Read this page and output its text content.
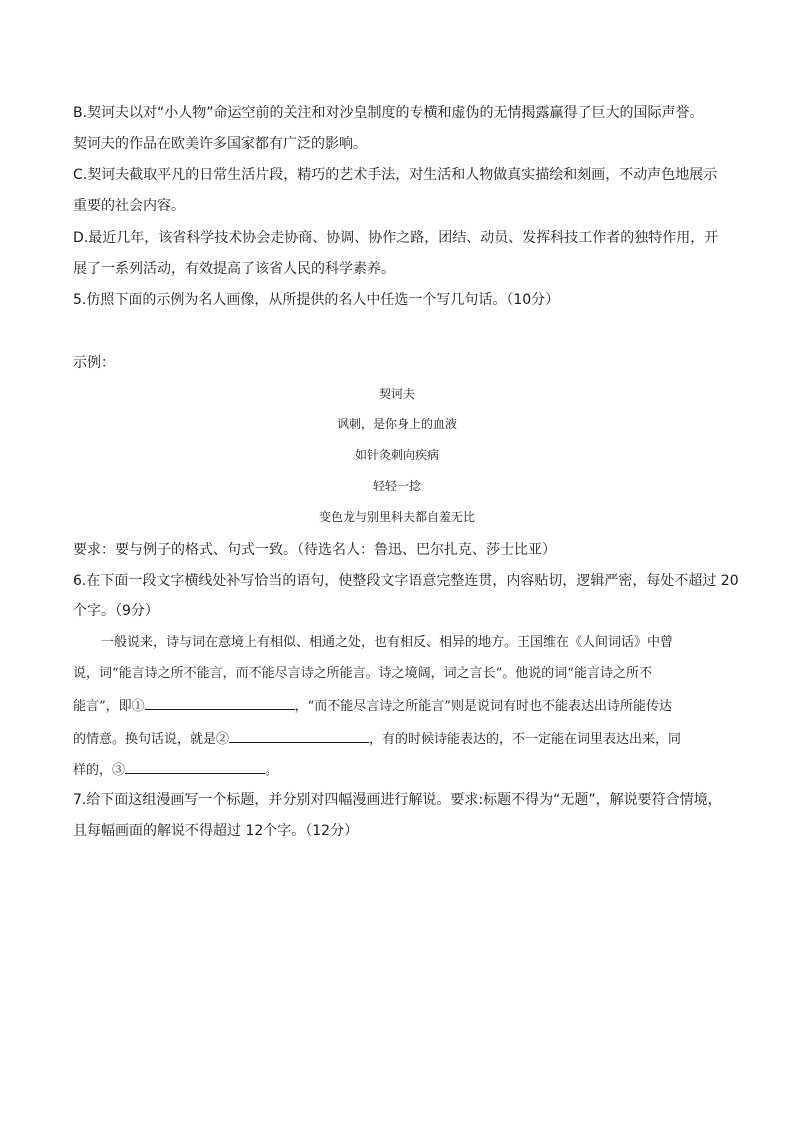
B.契诃夫以对“小人物”命运空前的关注和对沙皇制度的专横和虚伪的无情揭露赢得了巨大的国际声誉。
契诃夫的作品在欧美许多国家都有广泛的影响。
C.契诃夫截取平凡的日常生活片段，精巧的艺术手法，对生活和人物做真实描绘和刻画，不动声色地展示
重要的社会内容。
D.最近几年，该省科学技术协会走协商、协调、协作之路，团结、动员、发挥科技工作者的独特作用，开
展了一系列活动，有效提高了该省人民的科学素养。
5.仿照下面的示例为名人画像，从所提供的名人中任选一个写几句话。（10分）
示例：
契诃夫
讽刺，是你身上的血液
如针灸刺向疾病
轻轻一捻
变色龙与别里科夫都自羞无比
要求：要与例子的格式、句式一致。（待选名人：鲁迅、巴尔扎克、莎士比亚）
6.在下面一段文字横线处补写恰当的语句，使整段文字语意完整连贯，内容贴切，逻辑严密，每处不超过 20
个字。（9分）
一般说来，诗与词在意境上有相似、相通之处，也有相反、相异的地方。王国维在《人间词话》中曾
说，词“能言诗之所不能言，而不能尽言诗之所能言。诗之境阔，词之言长”。他说的词“能言诗之所不
能言”，即①	，“而不能尽言诗之所能言”则是说词有时也不能表达出诗所能传达
的情意。换句话说，就是②	，有的时候诗能表达的，不一定能在词里表达出来，同
样的，③	。
7.给下面这组漫画写一个标题，并分别对四幅漫画进行解说。要求:标题不得为“无题”，解说要符合情境，
且每幅画面的解说不得超过 12个字。（12分）
